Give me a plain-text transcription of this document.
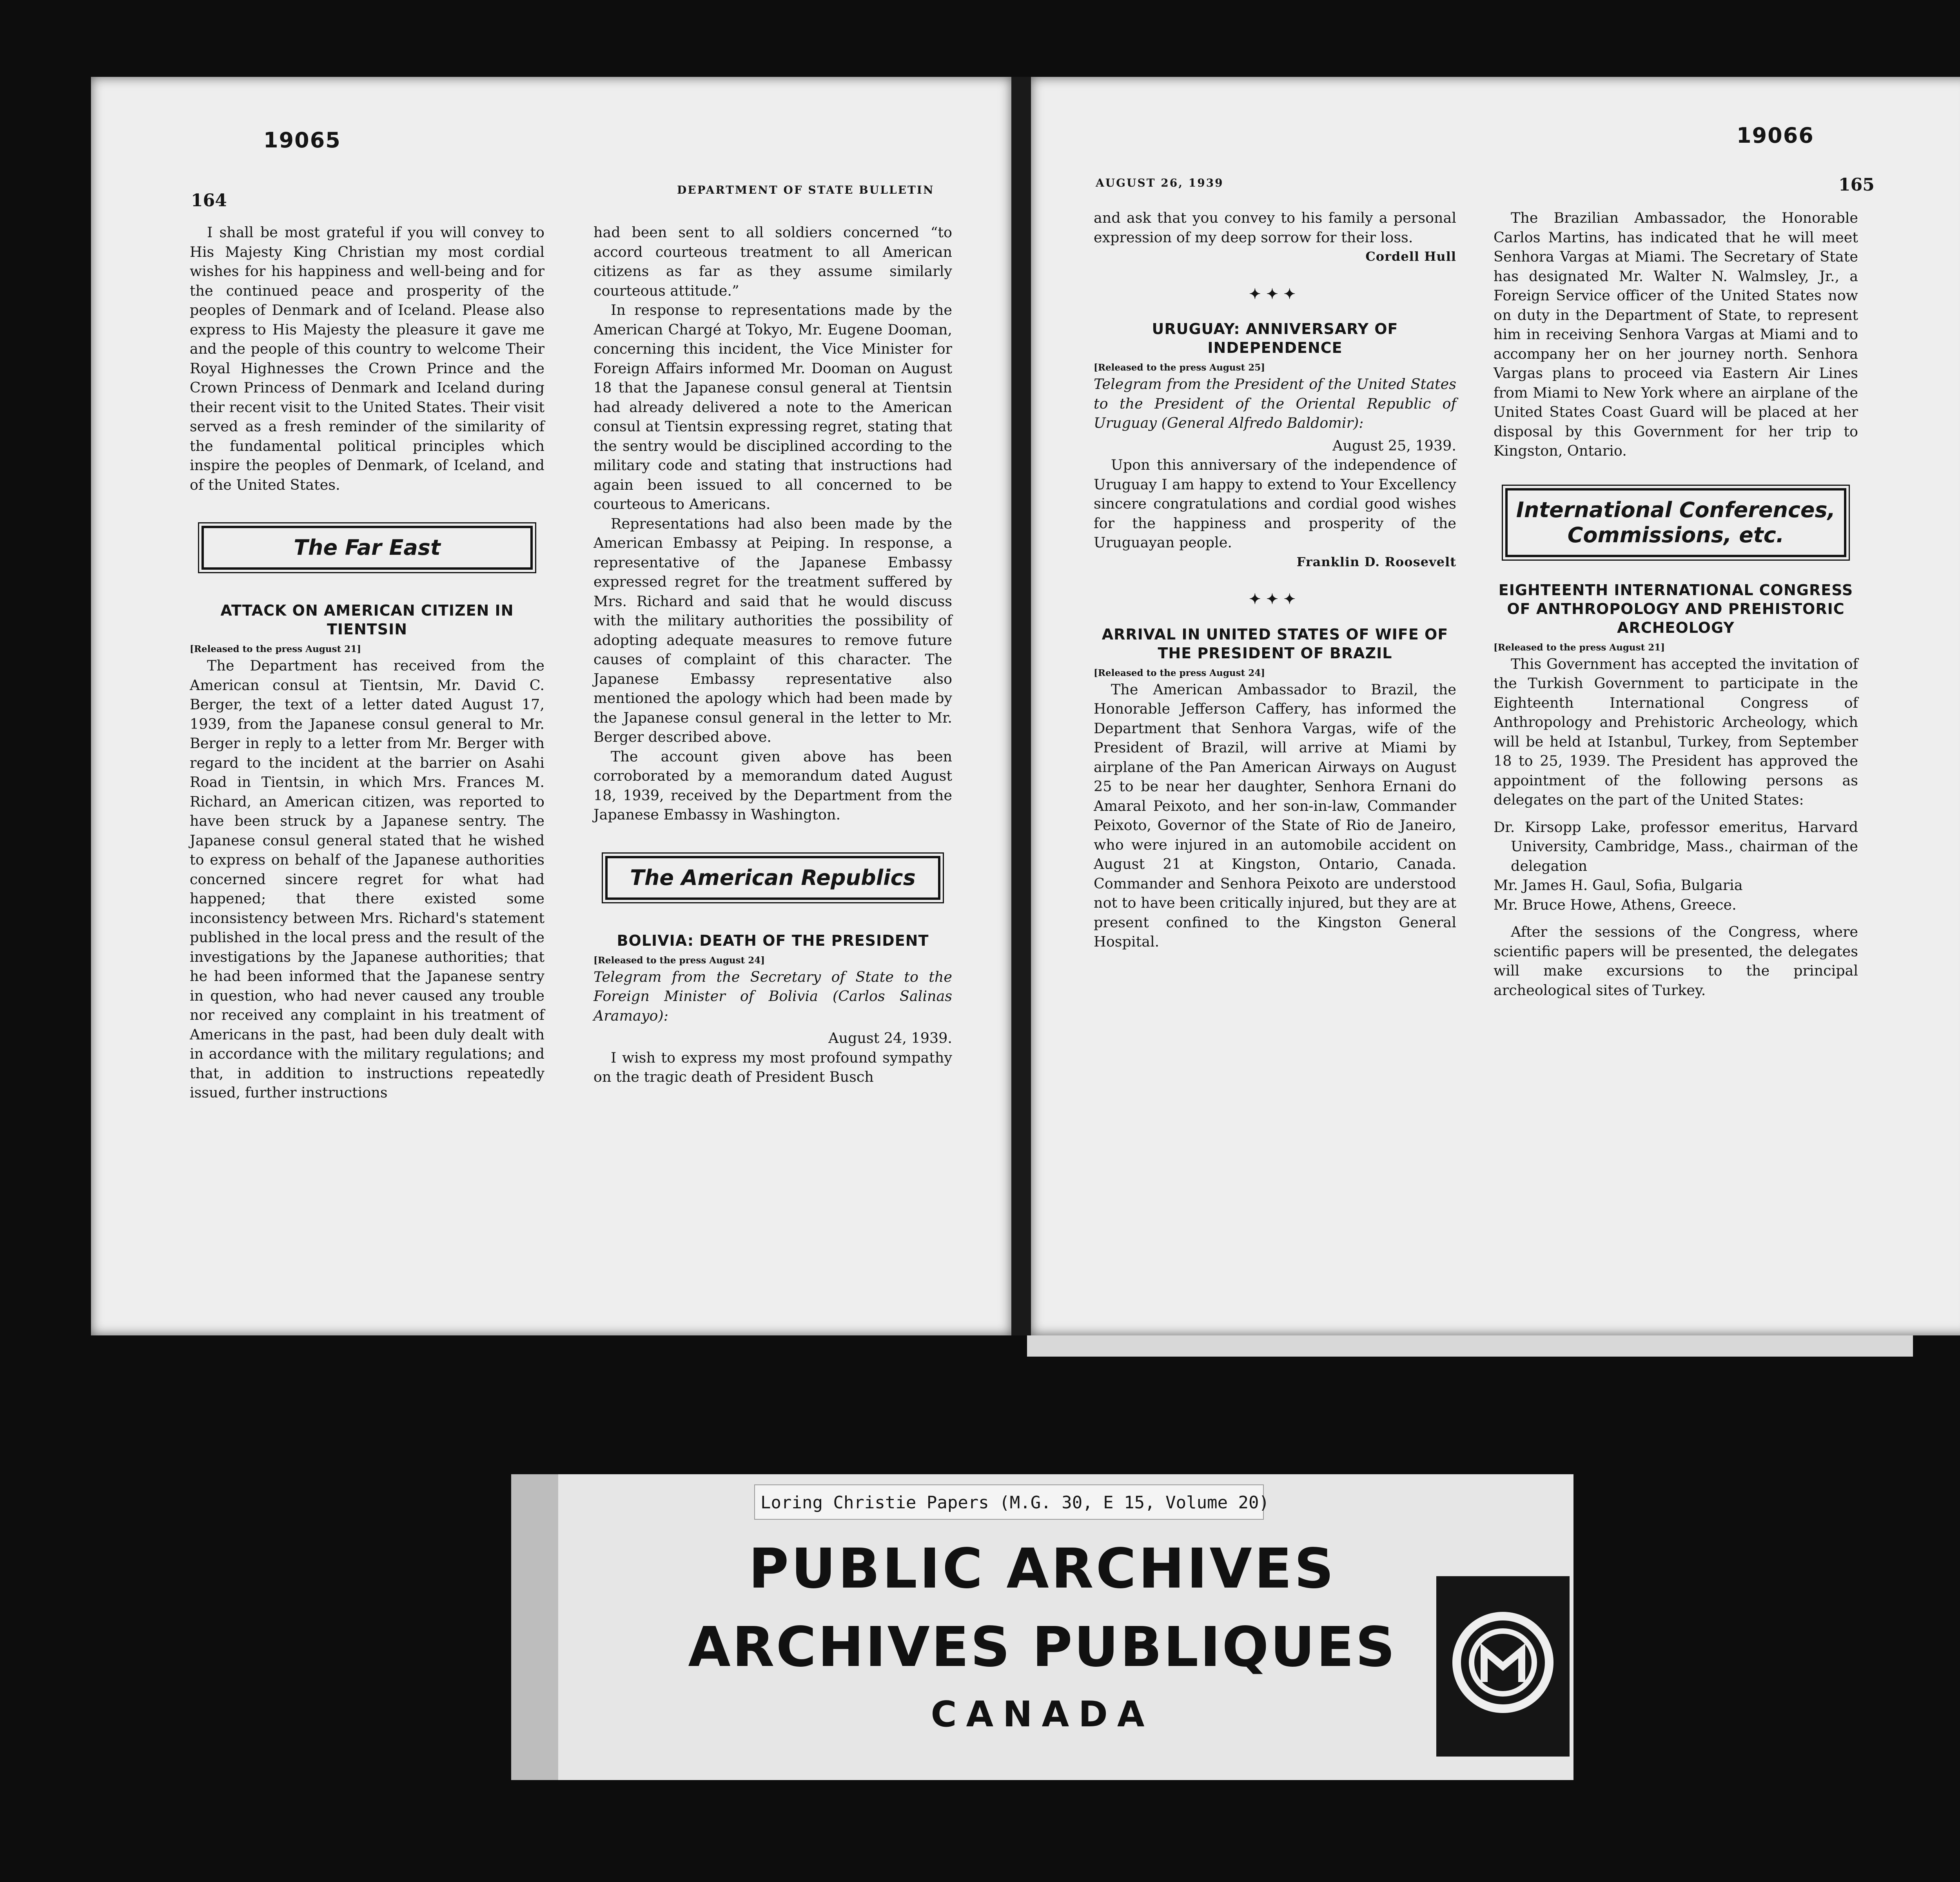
19065
164
DEPARTMENT OF STATE BULLETIN

I shall be most grateful if you will convey to His Majesty King Christian my most cordial wishes for his happiness and well-being and for the continued peace and prosperity of the peoples of Denmark and of Iceland. Please also express to His Majesty the pleasure it gave me and the people of this country to welcome Their Royal Highnesses the Crown Prince and the Crown Princess of Denmark and Iceland during their recent visit to the United States. Their visit served as a fresh reminder of the similarity of the fundamental political principles which inspire the peoples of Denmark, of Iceland, and of the United States.

The Far East
ATTACK ON AMERICAN CITIZEN IN TIENTSIN

[Released to the press August 21]

The Department has received from the American consul at Tientsin, Mr. David C. Berger, the text of a letter dated August 17, 1939, from the Japanese consul general to Mr. Berger in reply to a letter from Mr. Berger with regard to the incident at the barrier on Asahi Road in Tientsin, in which Mrs. Frances M. Richard, an American citizen, was reported to have been struck by a Japanese sentry. The Japanese consul general stated that he wished to express on behalf of the Japanese authorities concerned sincere regret for what had happened; that there existed some inconsistency between Mrs. Richard's statement published in the local press and the result of the investigations by the Japanese authorities; that he had been informed that the Japanese sentry in question, who had never caused any trouble nor received any complaint in his treatment of Americans in the past, had been duly dealt with in accordance with the military regulations; and that, in addition to instructions repeatedly issued, further instructions

had been sent to all soldiers concerned “to accord courteous treatment to all American citizens as far as they assume similarly courteous attitude.”

In response to representations made by the American Chargé at Tokyo, Mr. Eugene Dooman, concerning this incident, the Vice Minister for Foreign Affairs informed Mr. Dooman on August 18 that the Japanese consul general at Tientsin had already delivered a note to the American consul at Tientsin expressing regret, stating that the sentry would be disciplined according to the military code and stating that instructions had again been issued to all concerned to be courteous to Americans.

Representations had also been made by the American Embassy at Peiping. In response, a representative of the Japanese Embassy expressed regret for the treatment suffered by Mrs. Richard and said that he would discuss with the military authorities the possibility of adopting adequate measures to remove future causes of complaint of this character. The Japanese Embassy representative also mentioned the apology which had been made by the Japanese consul general in the letter to Mr. Berger described above.

The account given above has been corroborated by a memorandum dated August 18, 1939, received by the Department from the Japanese Embassy in Washington.

The American Republics
BOLIVIA: DEATH OF THE PRESIDENT

[Released to the press August 24]

Telegram from the Secretary of State to the Foreign Minister of Bolivia (Carlos Salinas Aramayo):

August 24, 1939.

I wish to express my most profound sympathy on the tragic death of President Busch

19066
AUGUST 26, 1939	165

and ask that you convey to his family a personal expression of my deep sorrow for their loss.

Cordell Hull

✦✦✦
URUGUAY: ANNIVERSARY OF INDEPENDENCE

[Released to the press August 25]

Telegram from the President of the United States to the President of the Oriental Republic of Uruguay (General Alfredo Baldomir):

August 25, 1939.

Upon this anniversary of the independence of Uruguay I am happy to extend to Your Excellency sincere congratulations and cordial good wishes for the happiness and prosperity of the Uruguayan people.

Franklin D. Roosevelt

✦✦✦
ARRIVAL IN UNITED STATES OF WIFE OF THE PRESIDENT OF BRAZIL

[Released to the press August 24]

The American Ambassador to Brazil, the Honorable Jefferson Caffery, has informed the Department that Senhora Vargas, wife of the President of Brazil, will arrive at Miami by airplane of the Pan American Airways on August 25 to be near her daughter, Senhora Ernani do Amaral Peixoto, and her son-in-law, Commander Peixoto, Governor of the State of Rio de Janeiro, who were injured in an automobile accident on August 21 at Kingston, Ontario, Canada. Commander and Senhora Peixoto are understood not to have been critically injured, but they are at present confined to the Kingston General Hospital.

The Brazilian Ambassador, the Honorable Carlos Martins, has indicated that he will meet Senhora Vargas at Miami. The Secretary of State has designated Mr. Walter N. Walmsley, Jr., a Foreign Service officer of the United States now on duty in the Department of State, to represent him in receiving Senhora Vargas at Miami and to accompany her on her journey north. Senhora Vargas plans to proceed via Eastern Air Lines from Miami to New York where an airplane of the United States Coast Guard will be placed at her disposal by this Government for her trip to Kingston, Ontario.

International Conferences, Commissions, etc.
EIGHTEENTH INTERNATIONAL CONGRESS OF ANTHROPOLOGY AND PREHISTORIC ARCHEOLOGY

[Released to the press August 21]

This Government has accepted the invitation of the Turkish Government to participate in the Eighteenth International Congress of Anthropology and Prehistoric Archeology, which will be held at Istanbul, Turkey, from September 18 to 25, 1939. The President has approved the appointment of the following persons as delegates on the part of the United States:

Dr. Kirsopp Lake, professor emeritus, Harvard University, Cambridge, Mass., chairman of the delegation

Mr. James H. Gaul, Sofia, Bulgaria

Mr. Bruce Howe, Athens, Greece.

After the sessions of the Congress, where scientific papers will be presented, the delegates will make excursions to the principal archeological sites of Turkey.

Loring Christie Papers (M.G. 30, E 15, Volume 20)
PUBLIC ARCHIVES
ARCHIVES PUBLIQUES
CANADA
